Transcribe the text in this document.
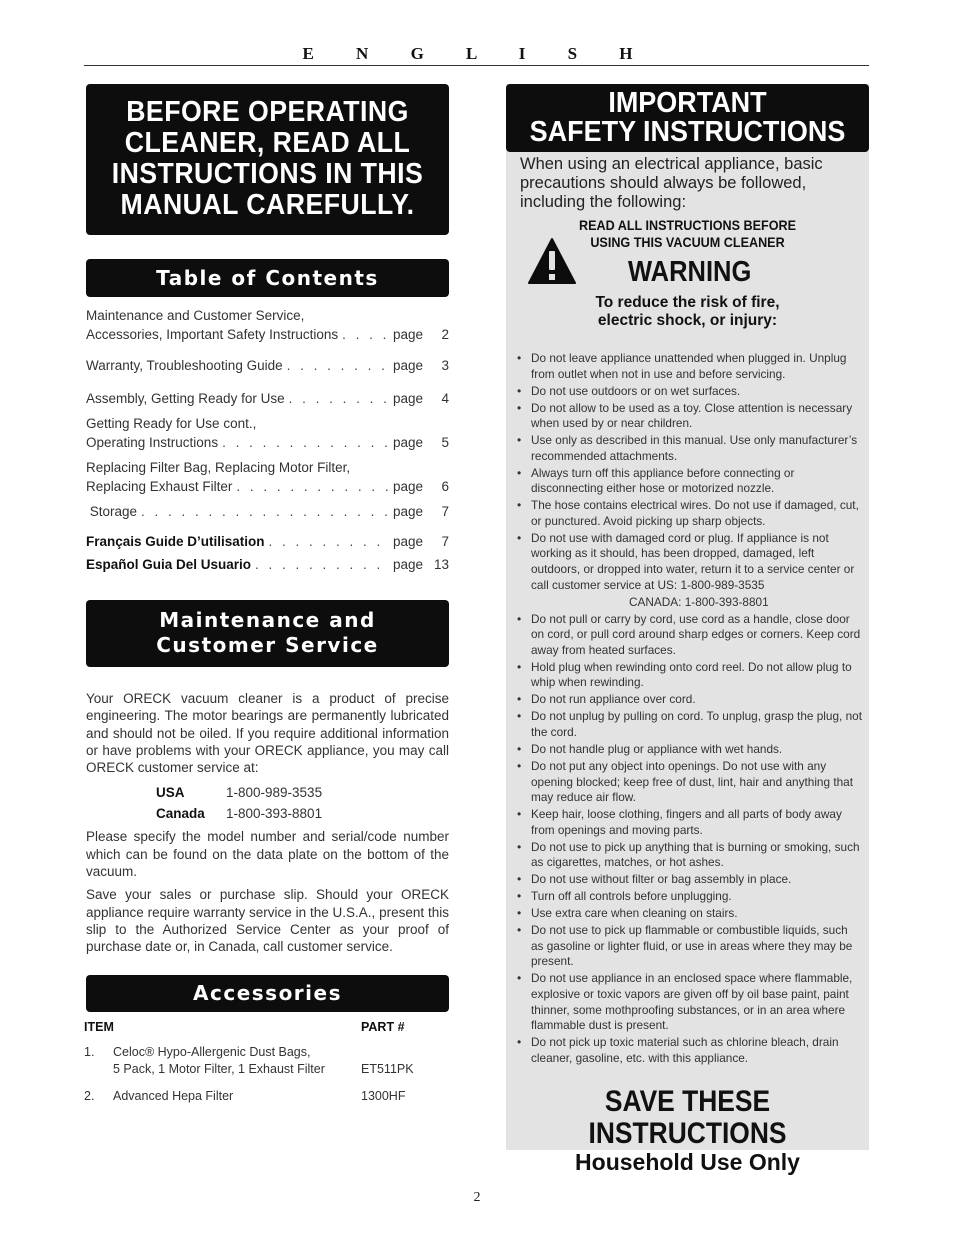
E N G L I S H
BEFORE OPERATING
CLEANER, READ ALL
INSTRUCTIONS IN THIS
MANUAL CAREFULLY.
Table of Contents
Maintenance and Customer Service,
Accessories, Important Safety Instructions . . .	page	2
Warranty, Troubleshooting Guide . . .	page	3
Assembly, Getting Ready for Use . . .	page	4
Getting Ready for Use cont.,
Operating Instructions . . .	page	5
Replacing Filter Bag, Replacing Motor Filter,
Replacing Exhaust Filter . . .	page	6
Storage . . .	page	7
Français Guide D’utilisation . . .	page	7
Español Guia Del Usuario . . .	page 13
Maintenance and
Customer Service

Your ORECK vacuum cleaner is a product of precise engineering. The motor bearings are permanently lubricated and should not be oiled. If you require additional information or have problems with your ORECK appliance, you may call ORECK customer service at:

USA	1-800-989-3535
Canada	1-800-393-8801

Please specify the model number and serial/code number which can be found on the data plate on the bottom of the vacuum.

Save your sales or purchase slip. Should your ORECK appliance require warranty service in the U.S.A., present this slip to the Authorized Service Center as your proof of purchase date or, in Canada, call customer service.

Accessories
ITEM	PART #
1.	Celoc® Hypo-Allergenic Dust Bags,
5 Pack, 1 Motor Filter, 1 Exhaust Filter	ET511PK
2.	Advanced Hepa Filter	1300HF
IMPORTANT
SAFETY INSTRUCTIONS
When using an electrical appliance, basic precautions should always be followed, including the following:
READ ALL INSTRUCTIONS BEFORE
USING THIS VACUUM CLEANER
WARNING
To reduce the risk of fire,
electric shock, or injury:
• Do not leave appliance unattended when plugged in. Unplug from outlet when not in use and before servicing.
• Do not use outdoors or on wet surfaces.
• Do not allow to be used as a toy. Close attention is necessary when used by or near children.
• Use only as described in this manual. Use only manufacturer’s recommended attachments.
• Always turn off this appliance before connecting or disconnecting either hose or motorized nozzle.
• The hose contains electrical wires. Do not use if damaged, cut, or punctured. Avoid picking up sharp objects.
• Do not use with damaged cord or plug. If appliance is not working as it should, has been dropped, damaged, left outdoors, or dropped into water, return it to a service center or call customer service at US: 1-800-989-3535
CANADA: 1-800-393-8801
• Do not pull or carry by cord, use cord as a handle, close door on cord, or pull cord around sharp edges or corners. Keep cord away from heated surfaces.
• Hold plug when rewinding onto cord reel. Do not allow plug to whip when rewinding.
• Do not run appliance over cord.
• Do not unplug by pulling on cord. To unplug, grasp the plug, not the cord.
• Do not handle plug or appliance with wet hands.
• Do not put any object into openings. Do not use with any opening blocked; keep free of dust, lint, hair and anything that may reduce air flow.
• Keep hair, loose clothing, fingers and all parts of body away from openings and moving parts.
• Do not use to pick up anything that is burning or smoking, such as cigarettes, matches, or hot ashes.
• Do not use without filter or bag assembly in place.
• Turn off all controls before unplugging.
• Use extra care when cleaning on stairs.
• Do not use to pick up flammable or combustible liquids, such as gasoline or lighter fluid, or use in areas where they may be present.
• Do not use appliance in an enclosed space where flammable, explosive or toxic vapors are given off by oil base paint, paint thinner, some mothproofing substances, or in an area where flammable dust is present.
• Do not pick up toxic material such as chlorine bleach, drain cleaner, gasoline, etc. with this appliance.
SAVE THESE INSTRUCTIONS
Household Use Only
2
